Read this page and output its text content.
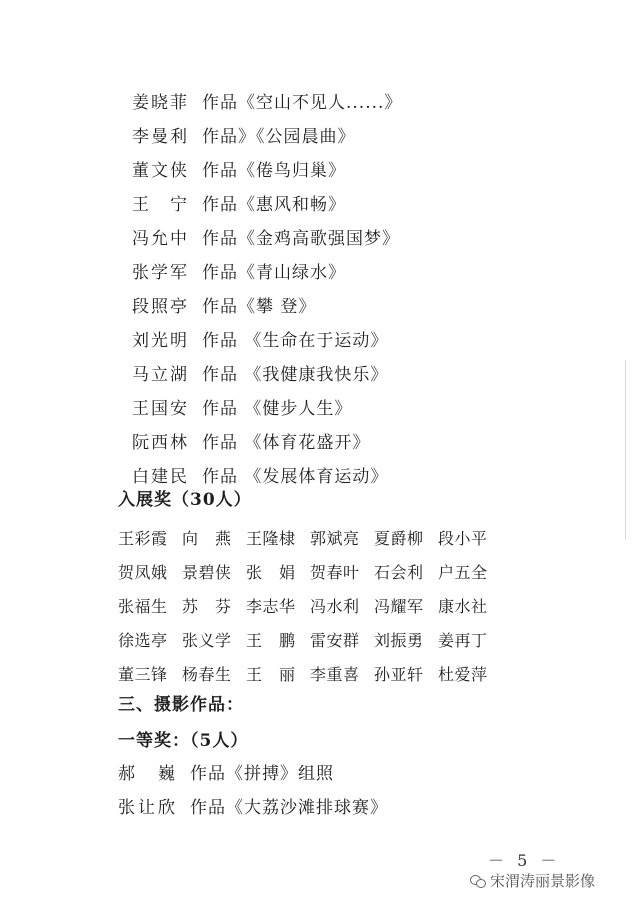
姜晓菲 作品《空山不见人......》
李曼利 作品》《公园晨曲》
董文侠 作品《倦鸟归巢》
王　宁 作品《惠风和畅》
冯允中 作品《金鸡高歌强国梦》
张学军 作品《青山绿水》
段照亭 作品《攀 登》
刘光明 作品 《生命在于运动》
马立湖 作品 《我健康我快乐》
王国安 作品 《健步人生》
阮西林 作品 《体育花盛开》
白建民 作品 《发展体育运动》
入展奖（30人）
王彩霞 向　燕 王隆棣 郭斌亮 夏爵柳 段小平
贺凤娥 景碧侠 张　娟 贺春叶 石会利 户五全
张福生 苏　芬 李志华 冯水利 冯耀军 康水社
徐选亭 张义学 王　鹏 雷安群 刘振勇 姜再丁
董三锋 杨春生 王　丽 李重喜 孙亚轩 杜爱萍
三、摄影作品：
一等奖：（5人）
郝　巍 作品《拼搏》组照
张让欣 作品《大荔沙滩排球赛》
－ 5 －
宋渭涛丽景影像
